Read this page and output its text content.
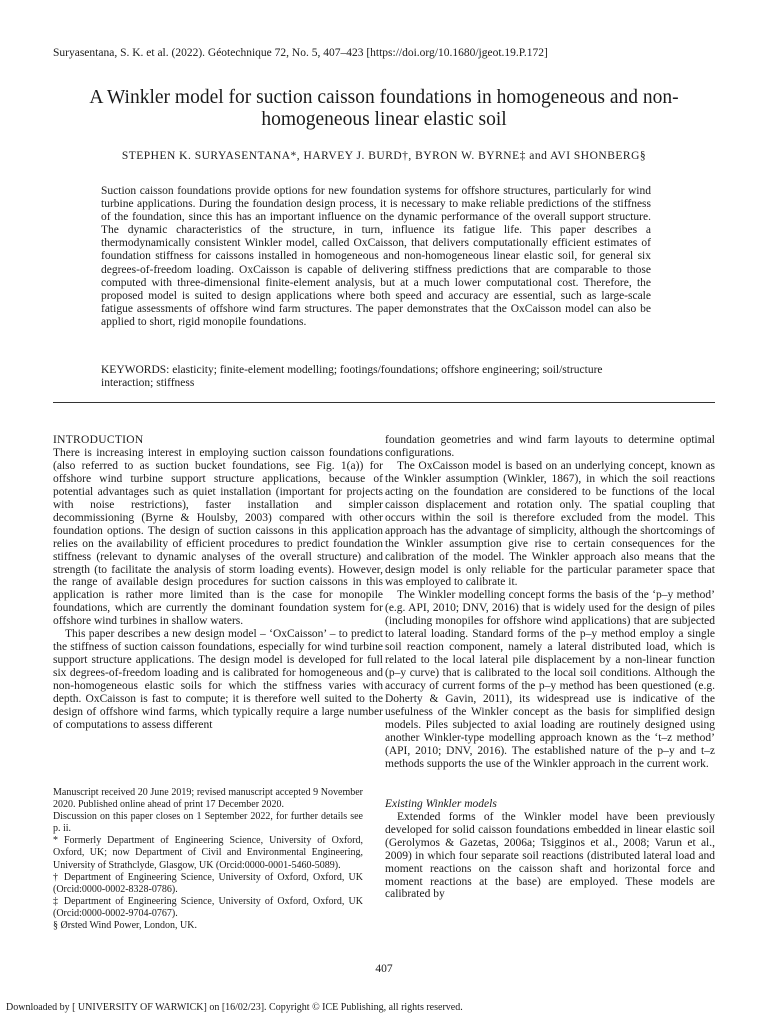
Suryasentana, S. K. et al. (2022). Géotechnique 72, No. 5, 407–423 [https://doi.org/10.1680/jgeot.19.P.172]
A Winkler model for suction caisson foundations in homogeneous and non-homogeneous linear elastic soil
STEPHEN K. SURYASENTANA*, HARVEY J. BURD†, BYRON W. BYRNE‡ and AVI SHONBERG§
Suction caisson foundations provide options for new foundation systems for offshore structures, particularly for wind turbine applications. During the foundation design process, it is necessary to make reliable predictions of the stiffness of the foundation, since this has an important influence on the dynamic performance of the overall support structure. The dynamic characteristics of the structure, in turn, influence its fatigue life. This paper describes a thermodynamically consistent Winkler model, called OxCaisson, that delivers computationally efficient estimates of foundation stiffness for caissons installed in homogeneous and non-homogeneous linear elastic soil, for general six degrees-of-freedom loading. OxCaisson is capable of delivering stiffness predictions that are comparable to those computed with three-dimensional finite-element analysis, but at a much lower computational cost. Therefore, the proposed model is suited to design applications where both speed and accuracy are essential, such as large-scale fatigue assessments of offshore wind farm structures. The paper demonstrates that the OxCaisson model can also be applied to short, rigid monopile foundations.
KEYWORDS: elasticity; finite-element modelling; footings/foundations; offshore engineering; soil/structure interaction; stiffness
INTRODUCTION

There is increasing interest in employing suction caisson foundations (also referred to as suction bucket foundations, see Fig. 1(a)) for offshore wind turbine support structure applications, because of potential advantages such as quiet installation (important for projects with noise restrictions), faster installation and simpler decommissioning (Byrne & Houlsby, 2003) compared with other foundation options. The design of suction caissons in this application relies on the availability of efficient procedures to predict foundation stiffness (relevant to dynamic analyses of the overall structure) and strength (to facilitate the analysis of storm loading events). However, the range of available design procedures for suction caissons in this application is rather more limited than is the case for monopile foundations, which are currently the dominant foundation system for offshore wind turbines in shallow waters.

This paper describes a new design model – ‘OxCaisson’ – to predict the stiffness of suction caisson foundations, especially for wind turbine support structure applications. The design model is developed for full six degrees-of-freedom loading and is calibrated for homogeneous and non-homogeneous elastic soils for which the stiffness varies with depth. OxCaisson is fast to compute; it is therefore well suited to the design of offshore wind farms, which typically require a large number of computations to assess different

Manuscript received 20 June 2019; revised manuscript accepted 9 November 2020. Published online ahead of print 17 December 2020.

Discussion on this paper closes on 1 September 2022, for further details see p. ii.

* Formerly Department of Engineering Science, University of Oxford, Oxford, UK; now Department of Civil and Environmental Engineering, University of Strathclyde, Glasgow, UK (Orcid:0000-0001-5460-5089).

† Department of Engineering Science, University of Oxford, Oxford, UK (Orcid:0000-0002-8328-0786).

‡ Department of Engineering Science, University of Oxford, Oxford, UK (Orcid:0000-0002-9704-0767).

§ Ørsted Wind Power, London, UK.

foundation geometries and wind farm layouts to determine optimal configurations.

The OxCaisson model is based on an underlying concept, known as the Winkler assumption (Winkler, 1867), in which the soil reactions acting on the foundation are considered to be functions of the local caisson displacement and rotation only. The spatial coupling that occurs within the soil is therefore excluded from the model. This approach has the advantage of simplicity, although the shortcomings of the Winkler assumption give rise to certain consequences for the calibration of the model. The Winkler approach also means that the design model is only reliable for the particular parameter space that was employed to calibrate it.

The Winkler modelling concept forms the basis of the ‘p–y method’ (e.g. API, 2010; DNV, 2016) that is widely used for the design of piles (including monopiles for offshore wind applications) that are subjected to lateral loading. Standard forms of the p–y method employ a single soil reaction component, namely a lateral distributed load, which is related to the local lateral pile displacement by a non-linear function (p–y curve) that is calibrated to the local soil conditions. Although the accuracy of current forms of the p–y method has been questioned (e.g. Doherty & Gavin, 2011), its widespread use is indicative of the usefulness of the Winkler concept as the basis for simplified design models. Piles subjected to axial loading are routinely designed using another Winkler-type modelling approach known as the ‘t–z method’ (API, 2010; DNV, 2016). The established nature of the p–y and t–z methods supports the use of the Winkler approach in the current work.

Existing Winkler models

Extended forms of the Winkler model have been previously developed for solid caisson foundations embedded in linear elastic soil (Gerolymos & Gazetas, 2006a; Tsigginos et al., 2008; Varun et al., 2009) in which four separate soil reactions (distributed lateral load and moment reactions on the caisson shaft and horizontal force and moment reactions at the base) are employed. These models are calibrated by

407
Downloaded by [ UNIVERSITY OF WARWICK] on [16/02/23]. Copyright © ICE Publishing, all rights reserved.
